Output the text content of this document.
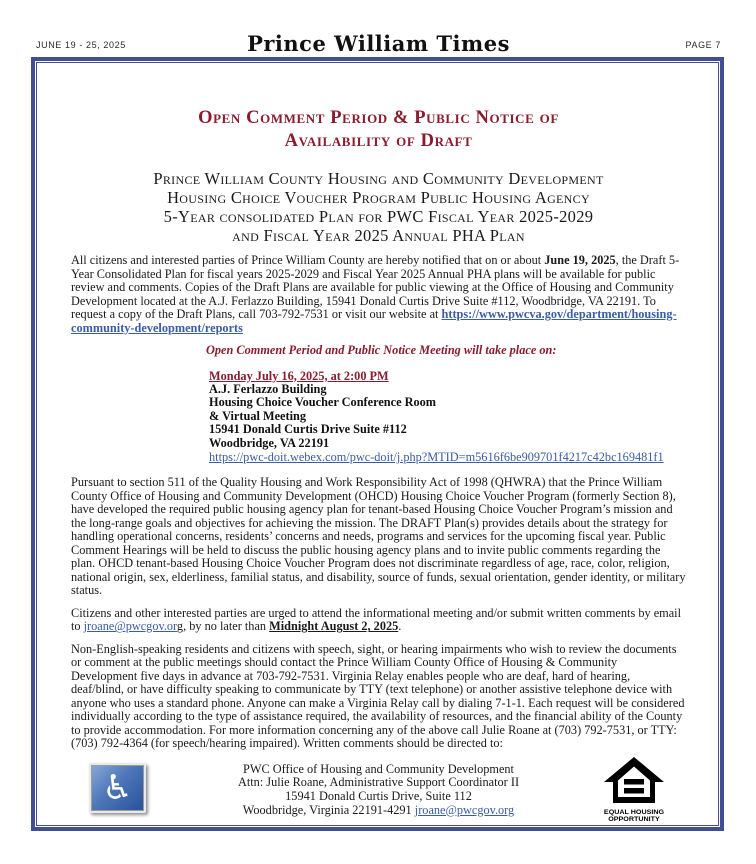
JUNE 19 - 25, 2025	Prince William Times	PAGE 7
Open Comment Period & Public Notice of
Availability of Draft
Prince William County Housing and Community Development
Housing Choice Voucher Program Public Housing Agency
5-Year consolidated Plan for PWC Fiscal Year 2025-2029
and Fiscal Year 2025 Annual PHA Plan

All citizens and interested parties of Prince William County are hereby notified that on or about June 19, 2025, the Draft 5-Year Consolidated Plan for fiscal years 2025-2029 and Fiscal Year 2025 Annual PHA plans will be available for public review and comments. Copies of the Draft Plans are available for public viewing at the Office of Housing and Community Development located at the A.J. Ferlazzo Building, 15941 Donald Curtis Drive Suite #112, Woodbridge, VA 22191. To request a copy of the Draft Plans, call 703-792-7531 or visit our website at https://www.pwcva.gov/department/housing-community-development/reports

Open Comment Period and Public Notice Meeting will take place on:
Monday July 16, 2025, at 2:00 PM
A.J. Ferlazzo Building
Housing Choice Voucher Conference Room
& Virtual Meeting
15941 Donald Curtis Drive Suite #112
Woodbridge, VA 22191
https://pwc-doit.webex.com/pwc-doit/j.php?MTID=m5616f6be909701f4217c42bc169481f1

Pursuant to section 511 of the Quality Housing and Work Responsibility Act of 1998 (QHWRA) that the Prince William County Office of Housing and Community Development (OHCD) Housing Choice Voucher Program (formerly Section 8), have developed the required public housing agency plan for tenant-based Housing Choice Voucher Program’s mission and the long-range goals and objectives for achieving the mission. The DRAFT Plan(s) provides details about the strategy for handling operational concerns, residents’ concerns and needs, programs and services for the upcoming fiscal year. Public Comment Hearings will be held to discuss the public housing agency plans and to invite public comments regarding the plan. OHCD tenant-based Housing Choice Voucher Program does not discriminate regardless of age, race, color, religion, national origin, sex, elderliness, familial status, and disability, source of funds, sexual orientation, gender identity, or military status.

Citizens and other interested parties are urged to attend the informational meeting and/or submit written comments by email to jroane@pwcgov.org, by no later than Midnight August 2, 2025.

Non-English-speaking residents and citizens with speech, sight, or hearing impairments who wish to review the documents or comment at the public meetings should contact the Prince William County Office of Housing & Community Development five days in advance at 703-792-7531. Virginia Relay enables people who are deaf, hard of hearing, deaf/blind, or have difficulty speaking to communicate by TTY (text telephone) or another assistive telephone device with anyone who uses a standard phone. Anyone can make a Virginia Relay call by dialing 7-1-1. Each request will be considered individually according to the type of assistance required, the availability of resources, and the financial ability of the County to provide accommodation. For more information concerning any of the above call Julie Roane at (703) 792-7531, or TTY: (703) 792-4364 (for speech/hearing impaired). Written comments should be directed to:

PWC Office of Housing and Community Development
Attn: Julie Roane, Administrative Support Coordinator II
15941 Donald Curtis Drive, Suite 112
Woodbridge, Virginia 22191-4291 jroane@pwcgov.org
♿
EQUAL HOUSING
OPPORTUNITY
